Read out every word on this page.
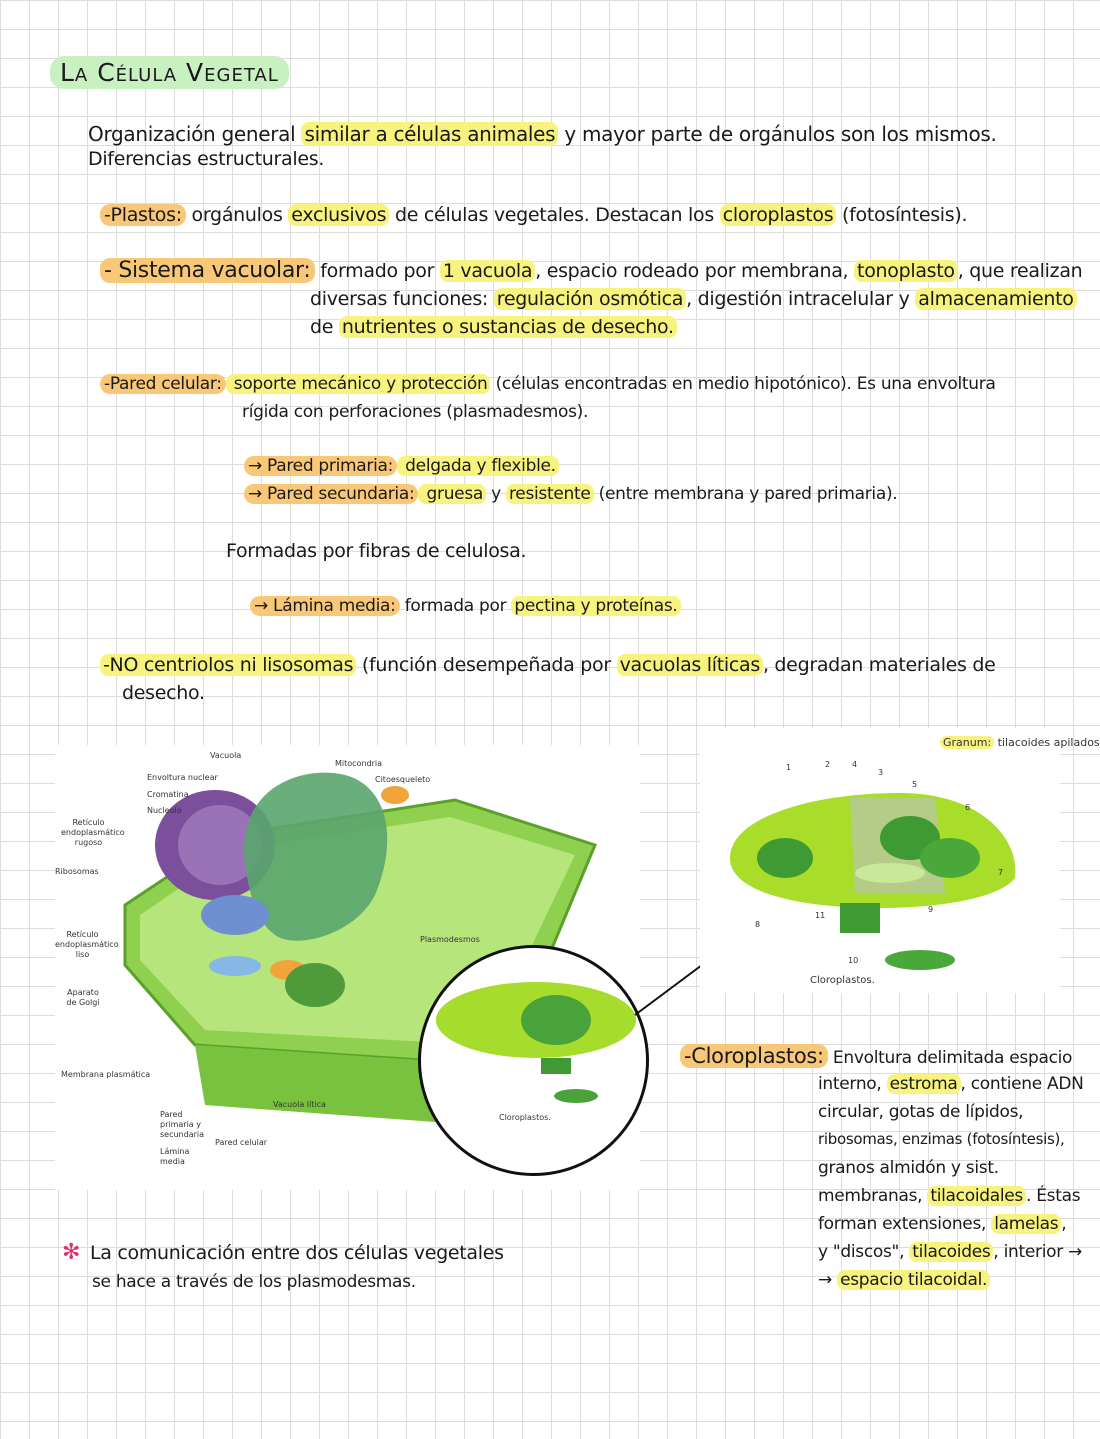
La Célula Vegetal
Organización general similar a células animales y mayor parte de orgánulos son los mismos.
Diferencias estructurales.
-Plastos: orgánulos exclusivos de células vegetales. Destacan los cloroplastos (fotosíntesis).
- Sistema vacuolar: formado por 1 vacuola , espacio rodeado por membrana, tonoplasto , que realizan
diversas funciones: regulación osmótica , digestión intracelular y almacenamiento
de nutrientes o sustancias de desecho.
-Pared celular: soporte mecánico y protección (células encontradas en medio hipotónico). Es una envoltura
rígida con perforaciones (plasmadesmos).
→ Pared primaria: delgada y flexible.
→ Pared secundaria: gruesa y resistente (entre membrana y pared primaria).
Formadas por fibras de celulosa.
→ Lámina media: formada por pectina y proteínas.
-NO centriolos ni lisosomas (función desempeñada por vacuolas líticas , degradan materiales de
desecho.
Vacuola
Mitocondria
Envoltura nuclear	Citoesqueleto
Cromatina
Nucleolo
Retículo endoplasmático rugoso
Ribosomas
Retículo endoplasmático liso
Aparato de Golgi
Plasmodesmos
Membrana plasmática
Vacuola lítica
Pared primaria y secundaria
Lámina media
Pared celular
Cloroplastos.
Cloroplastos.
1	2
3
4
5
6
7
8
9
10
11
Granum: tilacoides apilados
-Cloroplastos: Envoltura delimitada espacio
interno, estroma , contiene ADN
circular, gotas de lípidos,
ribosomas, enzimas (fotosíntesis),
granos almidón y sist.
membranas, tilacoidales . Éstas
forman extensiones, lamelas ,
y "discos", tilacoides , interior →
→ espacio tilacoidal.
✻ La comunicación entre dos células vegetales
se hace a través de los plasmodesmas.
